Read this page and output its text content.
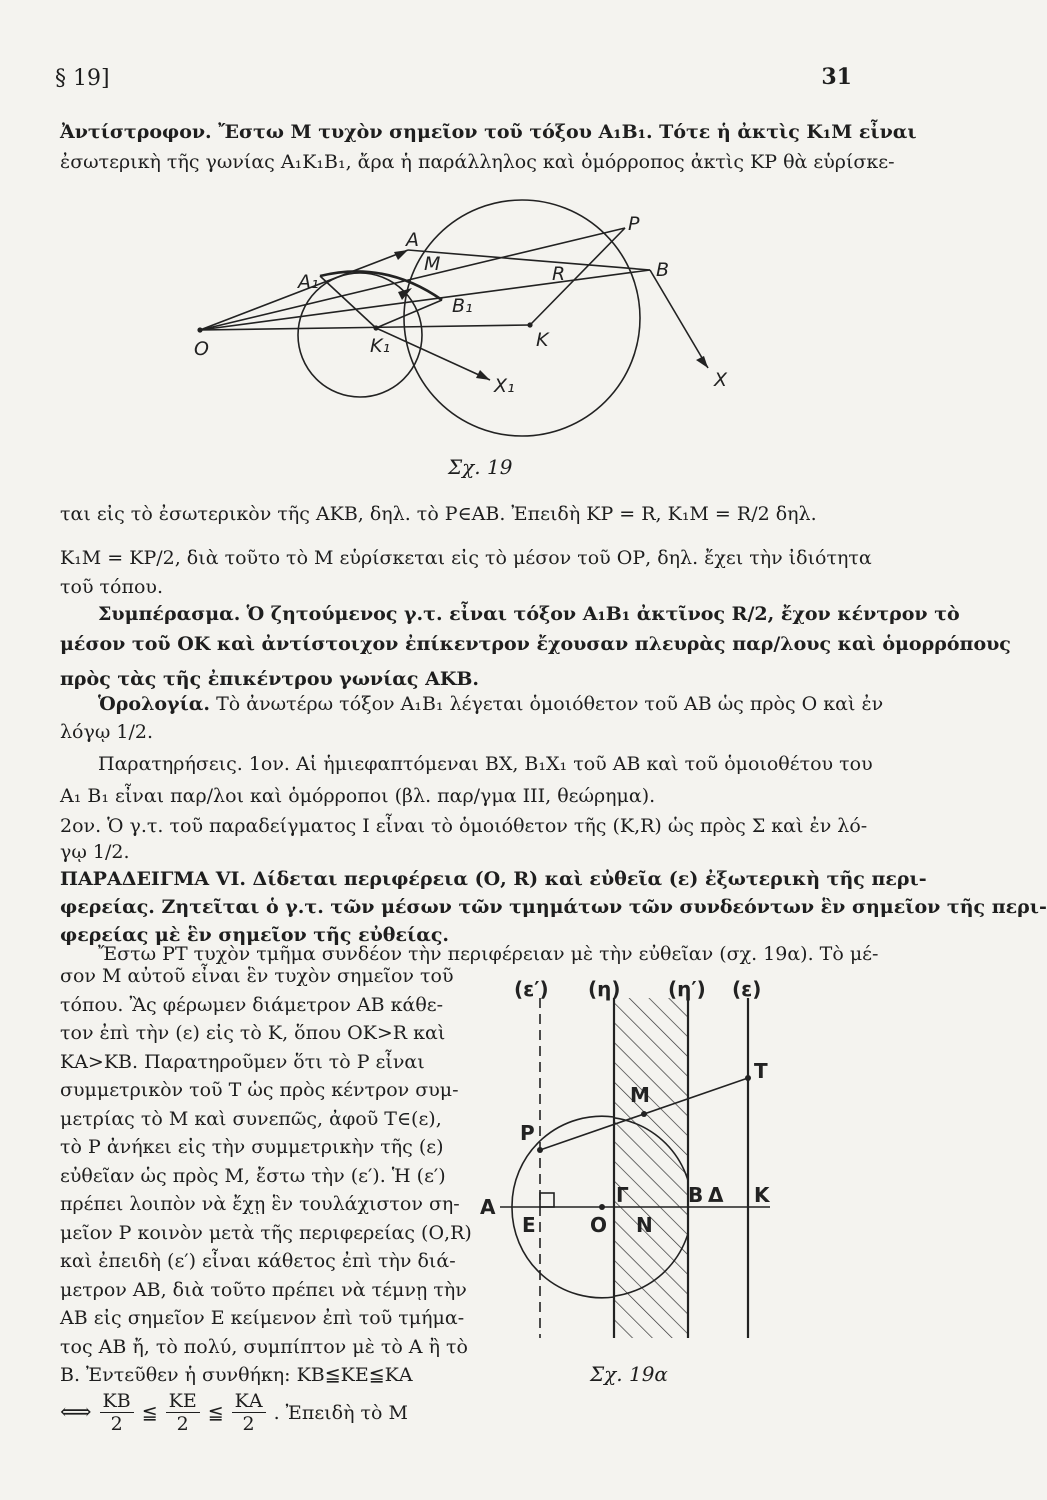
§ 19]	31
Ἀντίστροφον. Ἔστω Μ τυχὸν σημεῖον τοῦ τόξου Α₁Β₁. Τότε ἡ ἀκτὶς Κ₁Μ εἶναι
ἐσωτερικὴ τῆς γωνίας Α₁Κ₁Β₁, ἄρα ἡ παράλληλος καὶ ὁμόρροπος ἀκτὶς ΚΡ θὰ εὑρίσκε-
O
A₁
A
M
P
R	B
B₁
K₁	K
X₁	X
Σχ. 19
ται εἰς τὸ ἐσωτερικὸν τῆς ΑΚΒ, δηλ. τὸ Ρ∈ΑΒ. Ἐπειδὴ ΚΡ = R, Κ₁Μ = R/2 δηλ.
Κ₁Μ = ΚΡ/2, διὰ τοῦτο τὸ Μ εὑρίσκεται εἰς τὸ μέσον τοῦ ΟΡ, δηλ. ἔχει τὴν ἰδιότητα
τοῦ τόπου.
Συμπέρασμα. Ὁ ζητούμενος γ.τ. εἶναι τόξον Α₁Β₁ ἀκτῖνος R/2, ἔχον κέντρον τὸ
μέσον τοῦ ΟΚ καὶ ἀντίστοιχον ἐπίκεντρον ἔχουσαν πλευρὰς παρ/λους καὶ ὁμορρόπους
πρὸς τὰς τῆς ἐπικέντρου γωνίας ΑΚΒ.
Ὁρολογία. Τὸ ἀνωτέρω τόξον Α₁Β₁ λέγεται ὁμοιόθετον τοῦ ΑΒ ὡς πρὸς Ο καὶ ἐν
λόγῳ 1/2.
Παρατηρήσεις. 1ον. Αἱ ἡμιεφαπτόμεναι ΒΧ, Β₁Χ₁ τοῦ ΑΒ καὶ τοῦ ὁμοιοθέτου του
Α₁ Β₁ εἶναι παρ/λοι καὶ ὁμόρροποι (βλ. παρ/γμα ΙΙΙ, θεώρημα).
2ον. Ὁ γ.τ. τοῦ παραδείγματος Ι εἶναι τὸ ὁμοιόθετον τῆς (K,R) ὡς πρὸς Σ καὶ ἐν λό-
γῳ 1/2.
ΠΑΡΑΔΕΙΓΜΑ VI. Δίδεται περιφέρεια (Ο, R) καὶ εὐθεῖα (ε) ἐξωτερικὴ τῆς περι-
φερείας. Ζητεῖται ὁ γ.τ. τῶν μέσων τῶν τμημάτων τῶν συνδεόντων ἓν σημεῖον τῆς περι-
φερείας μὲ ἓν σημεῖον τῆς εὐθείας.
Ἔστω ΡΤ τυχὸν τμῆμα συνδέον τὴν περιφέρειαν μὲ τὴν εὐθεῖαν (σχ. 19α). Τὸ μέ-
σον Μ αὐτοῦ εἶναι ἓν τυχὸν σημεῖον τοῦ
τόπου. Ἂς φέρωμεν διάμετρον ΑΒ κάθε-
τον ἐπὶ τὴν (ε) εἰς τὸ Κ, ὅπου ΟΚ>R καὶ
ΚΑ>ΚΒ. Παρατηροῦμεν ὅτι τὸ Ρ εἶναι
συμμετρικὸν τοῦ Τ ὡς πρὸς κέντρον συμ-
μετρίας τὸ Μ καὶ συνεπῶς, ἀφοῦ Τ∈(ε),
τὸ Ρ ἀνήκει εἰς τὴν συμμετρικὴν τῆς (ε)
εὐθεῖαν ὡς πρὸς Μ, ἔστω τὴν (ε′). Ἡ (ε′)
πρέπει λοιπὸν νὰ ἔχῃ ἓν τουλάχιστον ση-
μεῖον Ρ κοινὸν μετὰ τῆς περιφερείας (Ο,R)
καὶ ἐπειδὴ (ε′) εἶναι κάθετος ἐπὶ τὴν διά-
μετρον ΑΒ, διὰ τοῦτο πρέπει νὰ τέμνῃ τὴν
ΑΒ εἰς σημεῖον Ε κείμενον ἐπὶ τοῦ τμήμα-
τος ΑΒ ἤ, τὸ πολύ, συμπίπτον μὲ τὸ Α ἢ τὸ
Β. Ἐντεῦθεν ἡ συνθήκη: ΚΒ≦ΚΕ≦ΚΑ
⟺ $\frac{KB}{2}$ ≦ $\frac{KE}{2}$ ≦ $\frac{KA}{2}$ . Ἐπειδὴ τὸ Μ
(ε′) (η) (η′) (ε)
M
T
P
A
E	O
Γ
N
B Δ K
Σχ. 19α
